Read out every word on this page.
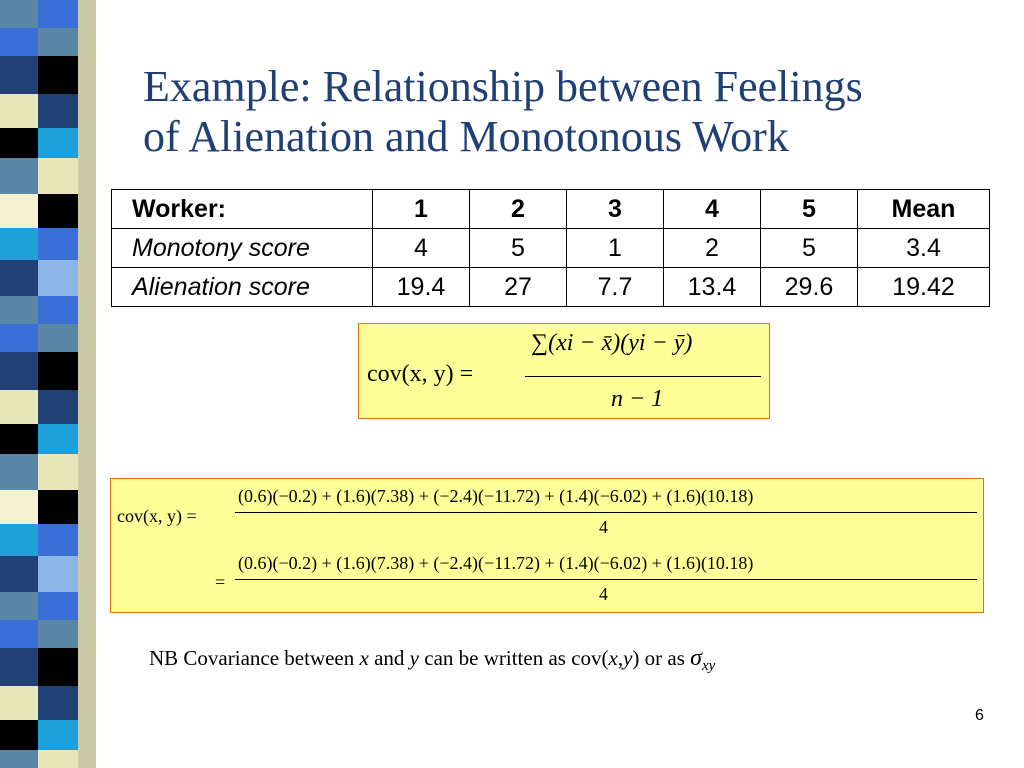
Example: Relationship between Feelings
of Alienation and Monotonous Work
Worker:	1	2	3	4	5	Mean
Monotony score	4	5	1	2	5	3.4
Alienation score	19.4	27	7.7	13.4	29.6	19.42
cov(x, y) =
∑(xi − x̄)(yi − ȳ)
n − 1
cov(x, y) =
(0.6)(−0.2) + (1.6)(7.38) + (−2.4)(−11.72) + (1.4)(−6.02) + (1.6)(10.18)
4
=
(0.6)(−0.2) + (1.6)(7.38) + (−2.4)(−11.72) + (1.4)(−6.02) + (1.6)(10.18)
4
NB Covariance between x and y can be written as cov(x,y) or as $\sigma_{xy}$
6
